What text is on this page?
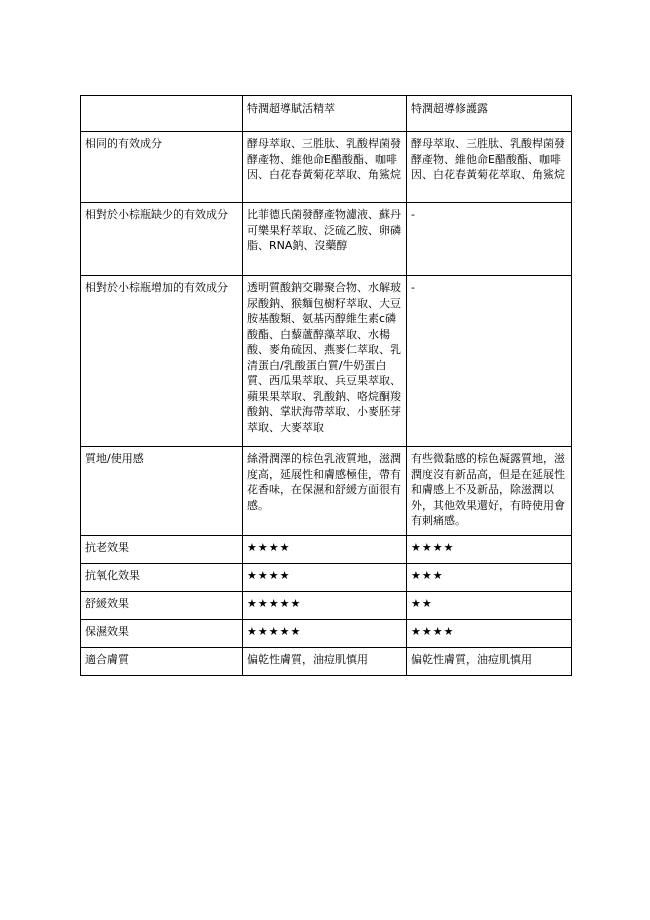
	特潤超導賦活精萃	特潤超導修護露
相同的有效成分	酵母萃取、三胜肽、乳酸桿菌發酵產物、維他命E醋酸酯、咖啡因、白花春黃菊花萃取、角鯊烷	酵母萃取、三胜肽、乳酸桿菌發酵產物、維他命E醋酸酯、咖啡因、白花春黃菊花萃取、角鯊烷
相對於小棕瓶缺少的有效成分	比菲德氏菌發酵產物濾液、蘇丹可樂果籽萃取、泛硫乙胺、卵磷脂、RNA鈉、沒藥醇	-
相對於小棕瓶增加的有效成分	透明質酸鈉交聯聚合物、水解玻尿酸鈉、猴麵包樹籽萃取、大豆胺基酸類、氨基丙醇維生素c磷酸酯、白藜蘆醇藻萃取、水楊酸、麥角硫因、燕麥仁萃取、乳清蛋白/乳酸蛋白質/牛奶蛋白質、西瓜果萃取、兵豆果萃取、蘋果果萃取、乳酸鈉、咯烷酮羧酸鈉、掌狀海帶萃取、小麥胚芽萃取、大麥萃取	-
質地/使用感	絲滑潤澤的棕色乳液質地，滋潤度高，延展性和膚感極佳，帶有花香味，在保濕和舒緩方面很有感。	有些微黏感的棕色凝露質地，滋潤度沒有新品高，但是在延展性和膚感上不及新品，除滋潤以外，其他效果還好，有時使用會有刺痛感。
抗老效果	★★★★	★★★★
抗氧化效果	★★★★	★★★
舒緩效果	★★★★★	★★
保濕效果	★★★★★	★★★★
適合膚質	偏乾性膚質，油痘肌慎用	偏乾性膚質，油痘肌慎用
